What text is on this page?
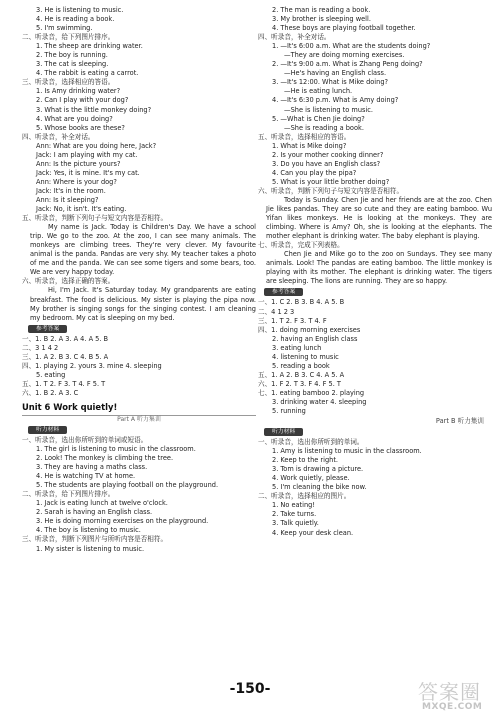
3. He is listening to music.
4. He is reading a book.
5. I'm swimming.
二、听录音，给下列图片排序。
1. The sheep are drinking water.
2. The boy is running.
3. The cat is sleeping.
4. The rabbit is eating a carrot.
三、听录音，选择相应的答语。
1. Is Amy drinking water?
2. Can I play with your dog?
3. What is the little monkey doing?
4. What are you doing?
5. Whose books are these?
四、听录音，补全对话。
Ann: What are you doing here, Jack?
Jack: I am playing with my cat.
Ann: Is the picture yours?
Jack: Yes, it is mine. It's my cat.
Ann: Where is your dog?
Jack: It's in the room.
Ann: Is it sleeping?
Jack: No, it isn't. It's eating.
五、听录音，判断下列句子与短文内容是否相符。
My name is Jack. Today is Children's Day. We have a school trip. We go to the zoo. At the zoo, I can see many animals. The monkeys are climbing trees. They're very clever. My favourite animal is the panda. Pandas are very shy. My teacher takes a photo of me and the panda. We can see some tigers and some bears, too. We are very happy today.
六、听录音，选择正确的答案。
Hi, I'm Jack. It's Saturday today. My grandparents are eating breakfast. The food is delicious. My sister is playing the pipa now. My brother is singing songs for the singing contest. I am cleaning my bedroom. My cat is sleeping on my bed.
参考答案
一、1. B 2. A 3. A 4. A 5. B
二、3 1 4 2
三、1. A 2. B 3. C 4. B 5. A
四、1. playing 2. yours 3. mine 4. sleeping
5. eating
五、1. T 2. F 3. T 4. F 5. T
六、1. B 2. A 3. C
Unit 6 Work quietly!
Part A 听力集训
听力材料
一、听录音，选出你所听到的单词或短语。
1. The girl is listening to music in the classroom.
2. Look! The monkey is climbing the tree.
3. They are having a maths class.
4. He is watching TV at home.
5. The students are playing football on the playground.
二、听录音，给下列图片排序。
1. Jack is eating lunch at twelve o'clock.
2. Sarah is having an English class.
3. He is doing morning exercises on the playground.
4. The boy is listening to music.
三、听录音，判断下列图片与所听内容是否相符。
1. My sister is listening to music.
2. The man is reading a book.
3. My brother is sleeping well.
4. These boys are playing football together.
四、听录音，补全对话。
1. —It's 6:00 a.m. What are the students doing?
—They are doing morning exercises.
2. —It's 9:00 a.m. What is Zhang Peng doing?
—He's having an English class.
3. —It's 12:00. What is Mike doing?
—He is eating lunch.
4. —It's 6:30 p.m. What is Amy doing?
—She is listening to music.
5. —What is Chen Jie doing?
—She is reading a book.
五、听录音，选择相应的答语。
1. What is Mike doing?
2. Is your mother cooking dinner?
3. Do you have an English class?
4. Can you play the pipa?
5. What is your little brother doing?
六、听录音，判断下列句子与短文内容是否相符。
Today is Sunday. Chen Jie and her friends are at the zoo. Chen Jie likes pandas. They are so cute and they are eating bamboo. Wu Yifan likes monkeys. He is looking at the monkeys. They are climbing. Where is Amy? Oh, she is looking at the elephants. The mother elephant is drinking water. The baby elephant is playing.
七、听录音，完成下列表格。
Chen Jie and Mike go to the zoo on Sundays. They see many animals. Look! The pandas are eating bamboo. The little monkey is playing with its mother. The elephant is drinking water. The tigers are sleeping. The lions are running. They are so happy.
参考答案
一、1. C 2. B 3. B 4. A 5. B
二、4 1 2 3
三、1. T 2. F 3. T 4. F
四、1. doing morning exercises
2. having an English class
3. eating lunch
4. listening to music
5. reading a book
五、1. A 2. B 3. C 4. A 5. A
六、1. F 2. T 3. F 4. F 5. T
七、1. eating bamboo 2. playing
3. drinking water 4. sleeping
5. running
Part B 听力集训
听力材料
一、听录音，选出你所听到的单词。
1. Amy is listening to music in the classroom.
2. Keep to the right.
3. Tom is drawing a picture.
4. Work quietly, please.
5. I'm cleaning the bike now.
二、听录音，选择相应的图片。
1. No eating!
2. Take turns.
3. Talk quietly.
4. Keep your desk clean.
-150-	答案圈
MXQE.COM
